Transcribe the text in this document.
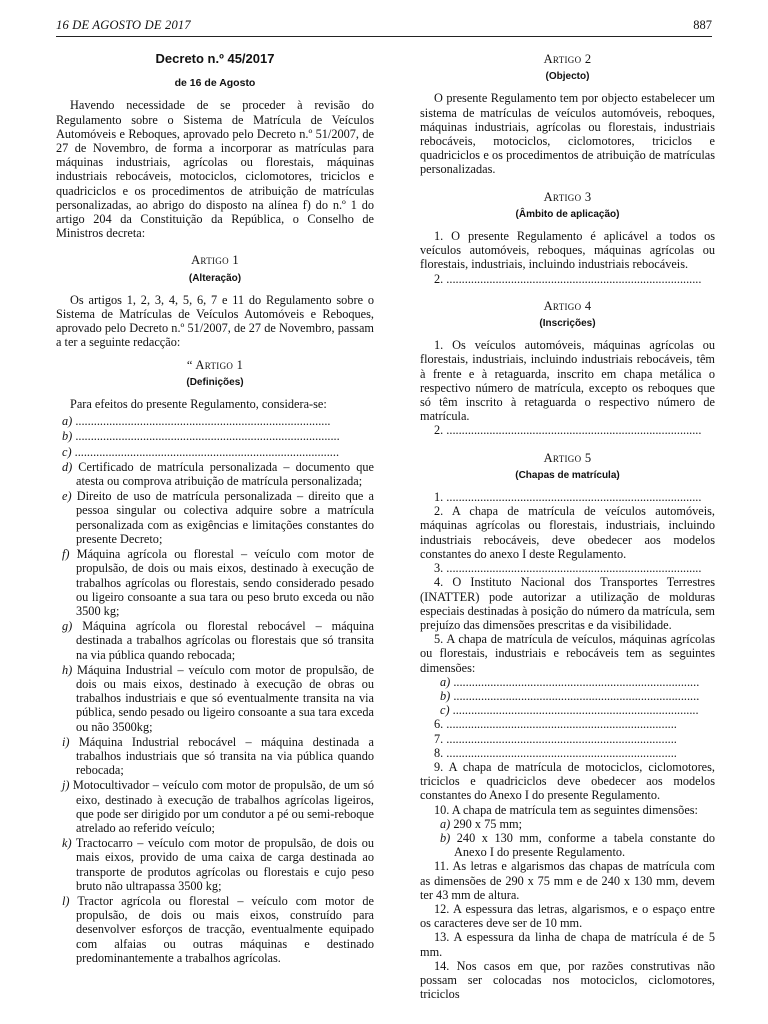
16 DE AGOSTO DE 2017	887
Decreto n.º 45/2017
de 16 de Agosto

Havendo necessidade de se proceder à revisão do Regulamento sobre o Sistema de Matrícula de Veículos Automóveis e Reboques, aprovado pelo Decreto n.º 51/2007, de 27 de Novembro, de forma a incorporar as matrículas para máquinas industriais, agrícolas ou florestais, máquinas industriais rebocáveis, motociclos, ciclomotores, triciclos e quadriciclos e os procedimentos de atribuição de matrículas personalizadas, ao abrigo do disposto na alínea f) do n.º 1 do artigo 204 da Constituição da República, o Conselho de Ministros decreta:

Artigo 1
(Alteração)

Os artigos 1, 2, 3, 4, 5, 6, 7 e 11 do Regulamento sobre o Sistema de Matrículas de Veículos Automóveis e Reboques, aprovado pelo Decreto n.º 51/2007, de 27 de Novembro, passam a ter a seguinte redacção:

“ Artigo 1
(Definições)

Para efeitos do presente Regulamento, considera-se:

a) ...................................................................................
b) ......................................................................................
c) ......................................................................................
d) Certificado de matrícula personalizada – documento que atesta ou comprova atribuição de matrícula personalizada;
e) Direito de uso de matrícula personalizada – direito que a pessoa singular ou colectiva adquire sobre a matrícula personalizada com as exigências e limitações constantes do presente Decreto;
f) Máquina agrícola ou florestal – veículo com motor de propulsão, de dois ou mais eixos, destinado à execução de trabalhos agrícolas ou florestais, sendo considerado pesado ou ligeiro consoante a sua tara ou peso bruto exceda ou não 3500 kg;
g) Máquina agrícola ou florestal rebocável – máquina destinada a trabalhos agrícolas ou florestais que só transita na via pública quando rebocada;
h) Máquina Industrial – veículo com motor de propulsão, de dois ou mais eixos, destinado à execução de obras ou trabalhos industriais e que só eventualmente transita na via pública, sendo pesado ou ligeiro consoante a sua tara exceda ou não 3500kg;
i) Máquina Industrial rebocável – máquina destinada a trabalhos industriais que só transita na via pública quando rebocada;
j) Motocultivador – veículo com motor de propulsão, de um só eixo, destinado à execução de trabalhos agrícolas ligeiros, que pode ser dirigido por um condutor a pé ou semi-reboque atrelado ao referido veículo;
k) Tractocarro – veículo com motor de propulsão, de dois ou mais eixos, provido de uma caixa de carga destinada ao transporte de produtos agrícolas ou florestais e cujo peso bruto não ultrapassa 3500 kg;
l) Tractor agrícola ou florestal – veículo com motor de propulsão, de dois ou mais eixos, construído para desenvolver esforços de tracção, eventualmente equipado com alfaias ou outras máquinas e destinado predominantemente a trabalhos agrícolas.
Artigo 2
(Objecto)

O presente Regulamento tem por objecto estabelecer um sistema de matrículas de veículos automóveis, reboques, máquinas industriais, agrícolas ou florestais, industriais rebocáveis, motociclos, ciclomotores, triciclos e quadriciclos e os procedimentos de atribuição de matrículas personalizadas.

Artigo 3
(Âmbito de aplicação)

1. O presente Regulamento é aplicável a todos os veículos automóveis, reboques, máquinas agrícolas ou florestais, industriais, incluindo industriais rebocáveis.

2. ...................................................................................

Artigo 4
(Inscrições)

1. Os veículos automóveis, máquinas agrícolas ou florestais, industriais, incluindo industriais rebocáveis, têm à frente e à retaguarda, inscrito em chapa metálica o respectivo número de matrícula, excepto os reboques que só têm inscrito à retaguarda o respectivo número de matrícula.

2. ...................................................................................

Artigo 5
(Chapas de matrícula)

1. ...................................................................................

2. A chapa de matrícula de veículos automóveis, máquinas agrícolas ou florestais, industriais, incluindo industriais rebocáveis, deve obedecer aos modelos constantes do anexo I deste Regulamento.

3. ...................................................................................

4. O Instituto Nacional dos Transportes Terrestres (INATTER) pode autorizar a utilização de molduras especiais destinadas à posição do número da matrícula, sem prejuízo das dimensões prescritas e da visibilidade.

5. A chapa de matrícula de veículos, máquinas agrícolas ou florestais, industriais e rebocáveis tem as seguintes dimensões:

a) ................................................................................
b) ................................................................................
c) ................................................................................

6. ...........................................................................

7. ...........................................................................

8. ...........................................................................

9. A chapa de matrícula de motociclos, ciclomotores, triciclos e quadriciclos deve obedecer aos modelos constantes do Anexo I do presente Regulamento.

10. A chapa de matrícula tem as seguintes dimensões:

a) 290 x 75 mm;
b) 240 x 130 mm, conforme a tabela constante do Anexo I do presente Regulamento.

11. As letras e algarismos das chapas de matrícula com as dimensões de 290 x 75 mm e de 240 x 130 mm, devem ter 43 mm de altura.

12. A espessura das letras, algarismos, e o espaço entre os caracteres deve ser de 10 mm.

13. A espessura da linha de chapa de matrícula é de 5 mm.

14. Nos casos em que, por razões construtivas não possam ser colocadas nos motociclos, ciclomotores, triciclos
